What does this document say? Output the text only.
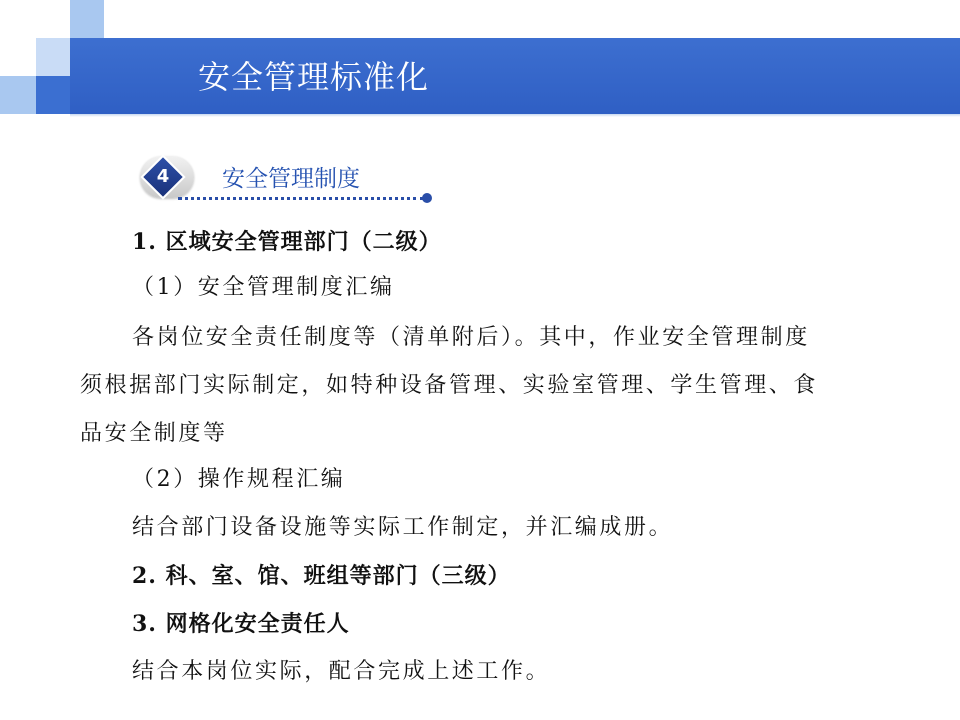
安全管理标准化
4	安全管理制度
1. 区域安全管理部门（二级）
（1）安全管理制度汇编
各岗位安全责任制度等（清单附后）。其中，作业安全管理制度
须根据部门实际制定，如特种设备管理、实验室管理、学生管理、食
品安全制度等
（2）操作规程汇编
结合部门设备设施等实际工作制定，并汇编成册。
2. 科、室、馆、班组等部门（三级）
3. 网格化安全责任人
结合本岗位实际，配合完成上述工作。
